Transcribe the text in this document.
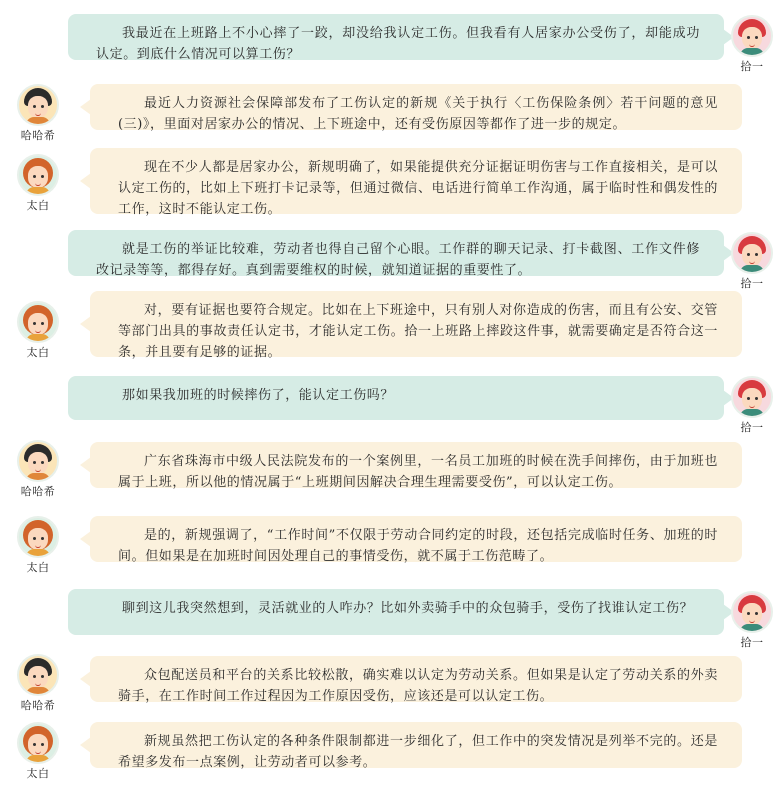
我最近在上班路上不小心摔了一跤，却没给我认定工伤。但我看有人居家办公受伤了，却能成功认定。到底什么情况可以算工伤？
拾一
最近人力资源社会保障部发布了工伤认定的新规《关于执行〈工伤保险条例〉若干问题的意见(三)》，里面对居家办公的情况、上下班途中，还有受伤原因等都作了进一步的规定。
哈哈希
现在不少人都是居家办公，新规明确了，如果能提供充分证据证明伤害与工作直接相关，是可以认定工伤的，比如上下班打卡记录等，但通过微信、电话进行简单工作沟通，属于临时性和偶发性的工作，这时不能认定工伤。
太白
就是工伤的举证比较难，劳动者也得自己留个心眼。工作群的聊天记录、打卡截图、工作文件修改记录等等，都得存好。真到需要维权的时候，就知道证据的重要性了。
拾一
对，要有证据也要符合规定。比如在上下班途中，只有别人对你造成的伤害，而且有公安、交管等部门出具的事故责任认定书，才能认定工伤。拾一上班路上摔跤这件事，就需要确定是否符合这一条，并且要有足够的证据。
太白
那如果我加班的时候摔伤了，能认定工伤吗？
拾一
广东省珠海市中级人民法院发布的一个案例里，一名员工加班的时候在洗手间摔伤，由于加班也属于上班，所以他的情况属于“上班期间因解决合理生理需要受伤”，可以认定工伤。
哈哈希
是的，新规强调了，“工作时间”不仅限于劳动合同约定的时段，还包括完成临时任务、加班的时间。但如果是在加班时间因处理自己的事情受伤，就不属于工伤范畴了。
太白
聊到这儿我突然想到，灵活就业的人咋办？比如外卖骑手中的众包骑手，受伤了找谁认定工伤？
拾一
众包配送员和平台的关系比较松散，确实难以认定为劳动关系。但如果是认定了劳动关系的外卖骑手，在工作时间工作过程因为工作原因受伤，应该还是可以认定工伤。
哈哈希
新规虽然把工伤认定的各种条件限制都进一步细化了，但工作中的突发情况是列举不完的。还是希望多发布一点案例，让劳动者可以参考。
太白
